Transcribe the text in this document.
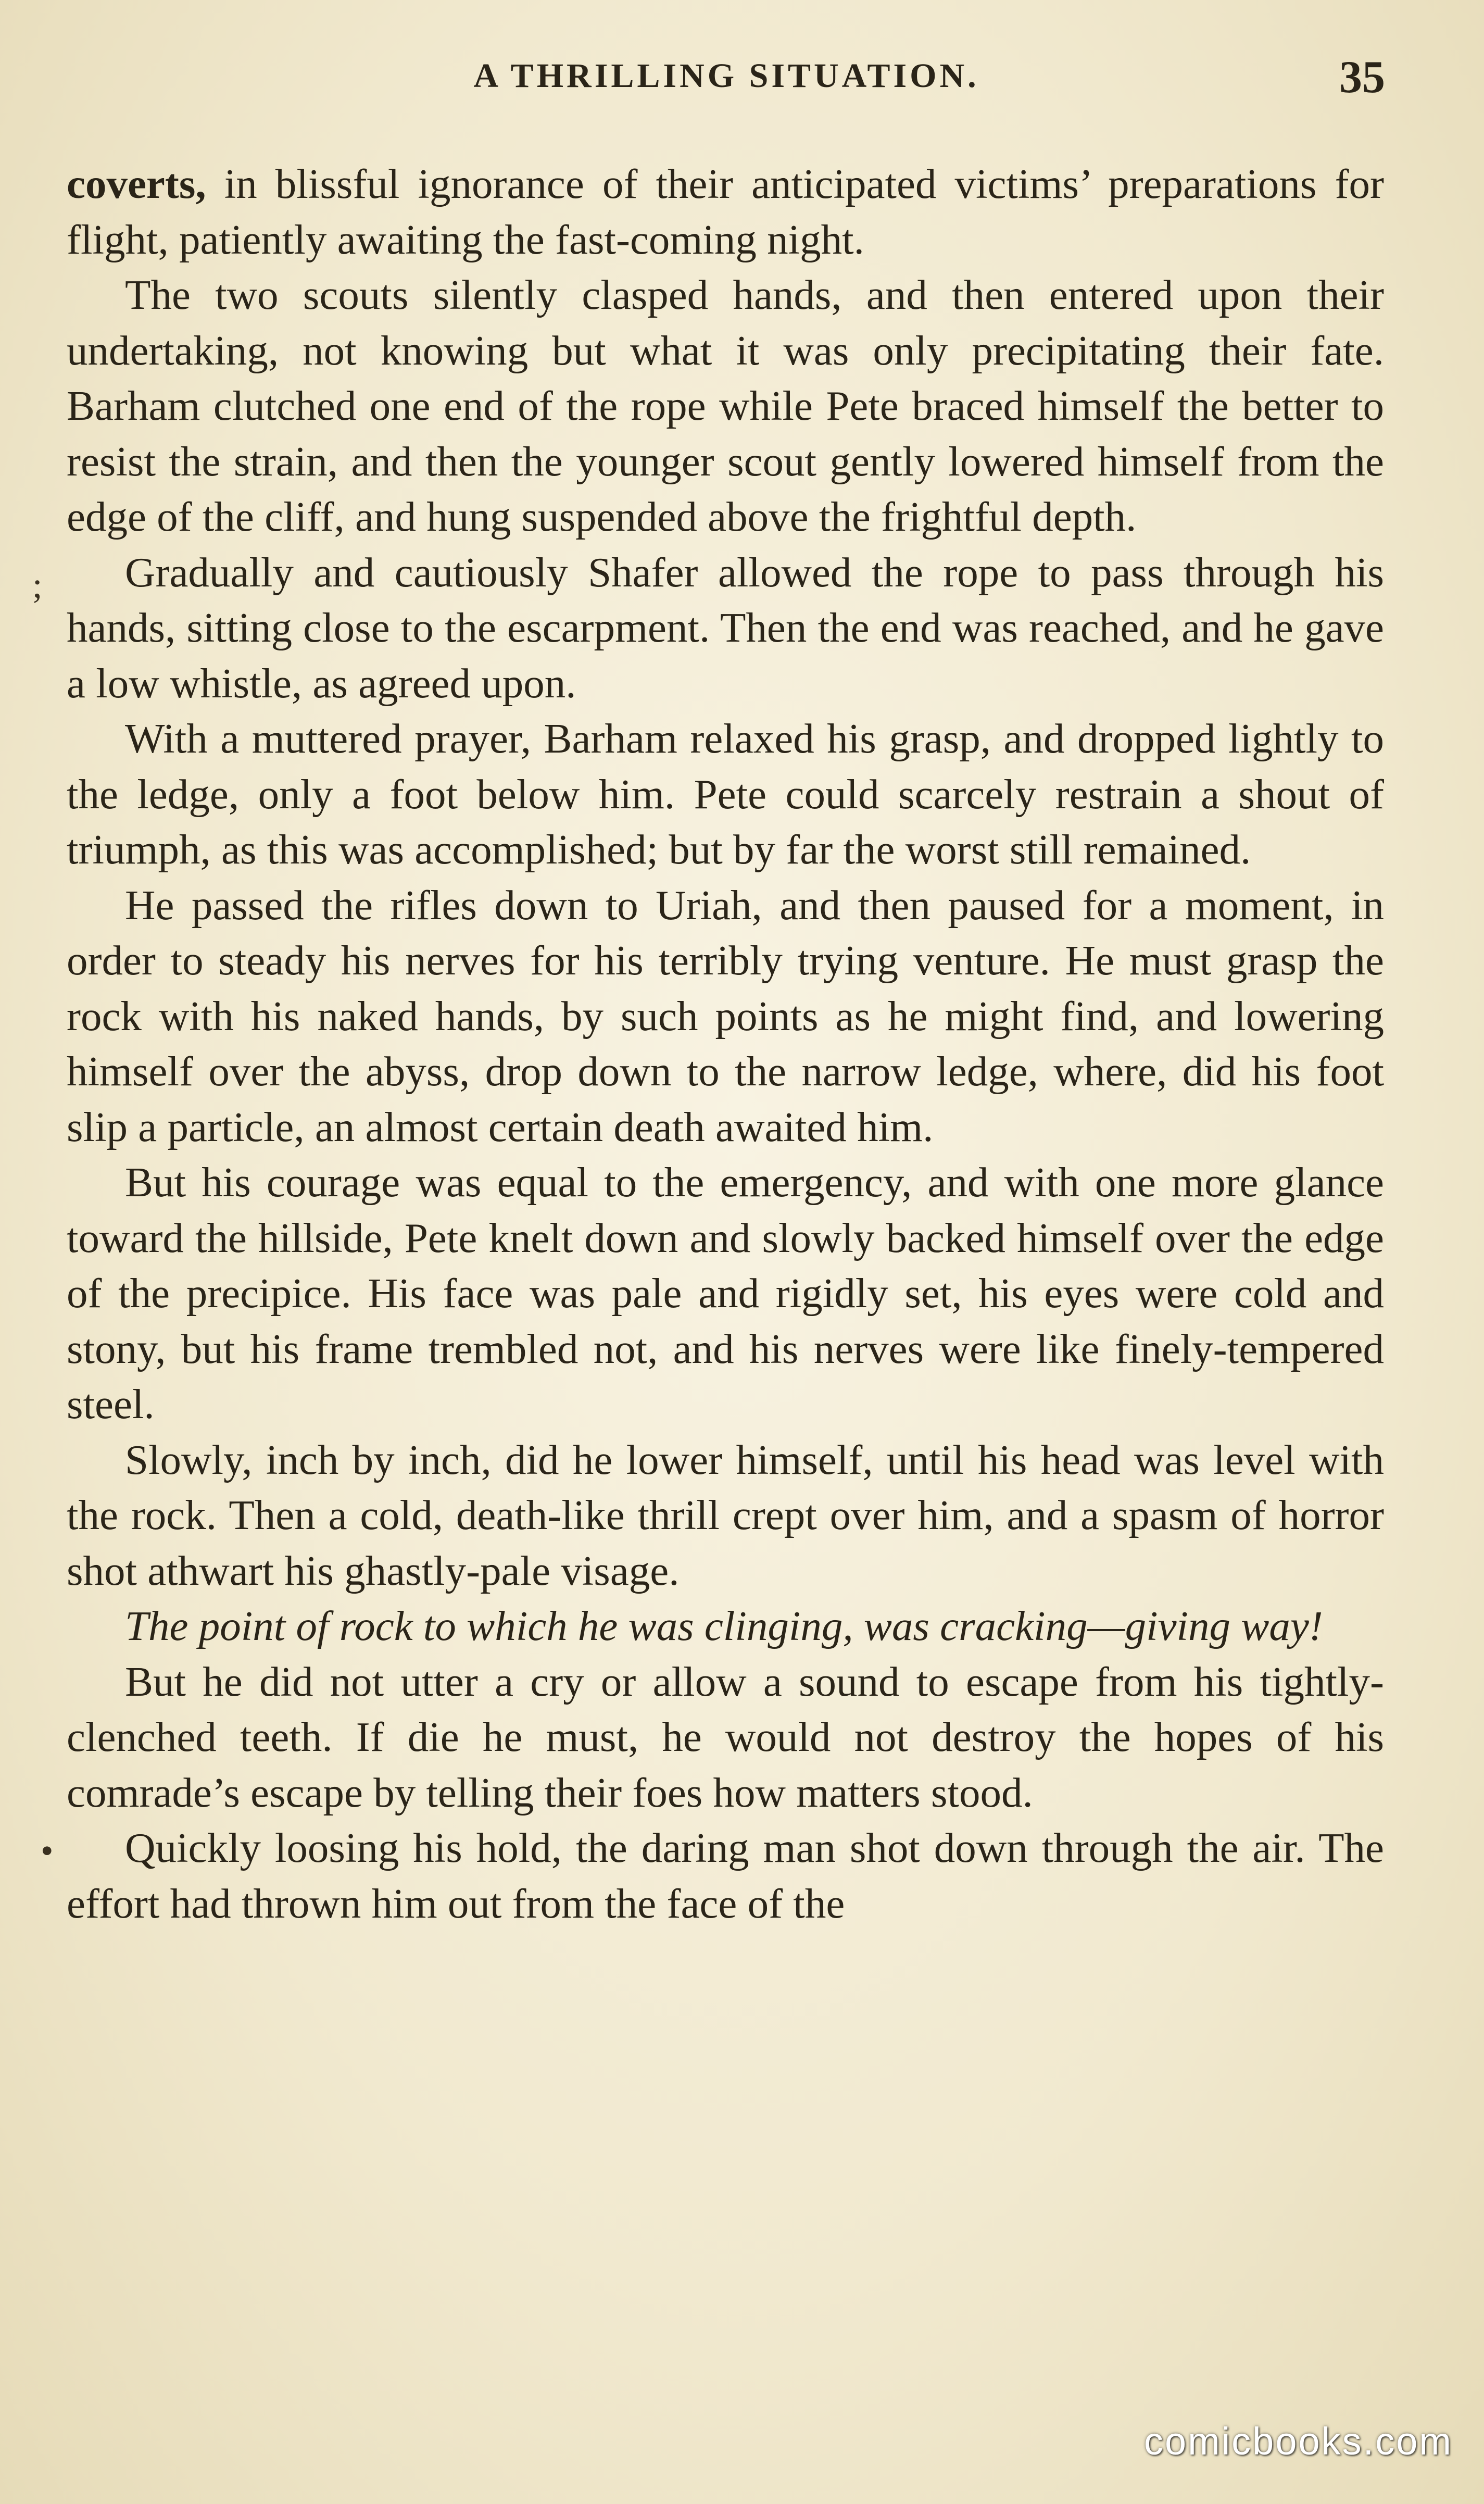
A THRILLING SITUATION.	35
;
•

coverts, in blissful ignorance of their anticipated victims’ preparations for flight, patiently awaiting the fast-coming night.

The two scouts silently clasped hands, and then entered upon their undertaking, not knowing but what it was only precipitating their fate. Barham clutched one end of the rope while Pete braced himself the better to resist the strain, and then the younger scout gently lowered himself from the edge of the cliff, and hung suspended above the frightful depth.

Gradually and cautiously Shafer allowed the rope to pass through his hands, sitting close to the escarpment. Then the end was reached, and he gave a low whistle, as agreed upon.

With a muttered prayer, Barham relaxed his grasp, and dropped lightly to the ledge, only a foot below him. Pete could scarcely restrain a shout of triumph, as this was accomplished; but by far the worst still remained.

He passed the rifles down to Uriah, and then paused for a moment, in order to steady his nerves for his terribly trying venture. He must grasp the rock with his naked hands, by such points as he might find, and lowering himself over the abyss, drop down to the narrow ledge, where, did his foot slip a particle, an almost certain death awaited him.

But his courage was equal to the emergency, and with one more glance toward the hillside, Pete knelt down and slowly backed himself over the edge of the precipice. His face was pale and rigidly set, his eyes were cold and stony, but his frame trembled not, and his nerves were like finely-tempered steel.

Slowly, inch by inch, did he lower himself, until his head was level with the rock. Then a cold, death-like thrill crept over him, and a spasm of horror shot athwart his ghastly-pale visage.

The point of rock to which he was clinging, was cracking—giving way!

But he did not utter a cry or allow a sound to escape from his tightly-clenched teeth. If die he must, he would not destroy the hopes of his comrade’s escape by telling their foes how matters stood.

Quickly loosing his hold, the daring man shot down through the air. The effort had thrown him out from the face of the

comicbooks.com
